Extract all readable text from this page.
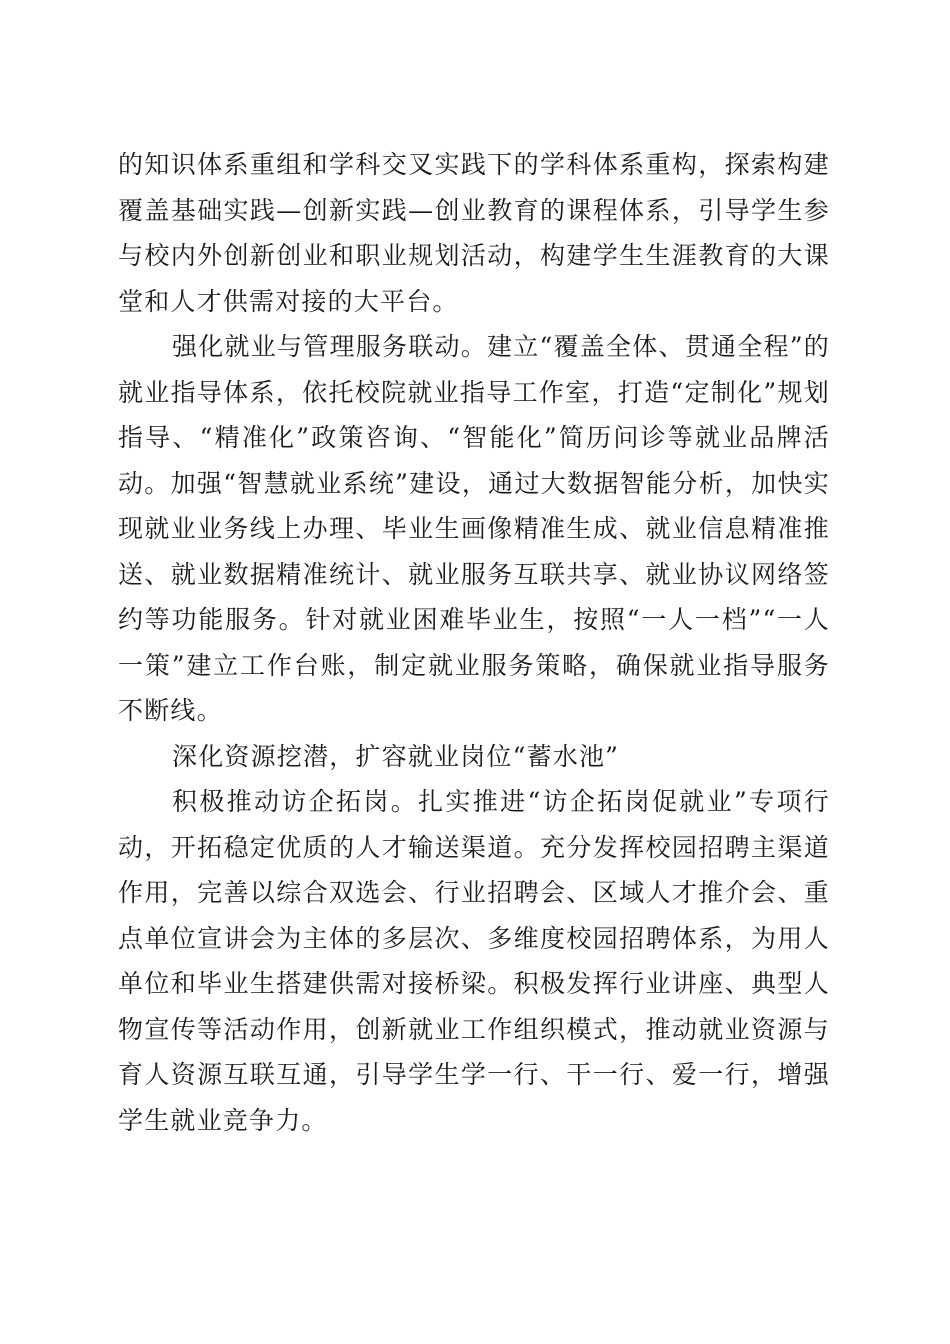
的知识体系重组和学科交叉实践下的学科体系重构，探索构建覆盖基础实践—创新实践—创业教育的课程体系，引导学生参与校内外创新创业和职业规划活动，构建学生生涯教育的大课堂和人才供需对接的大平台。

强化就业与管理服务联动。建立“覆盖全体、贯通全程”的就业指导体系，依托校院就业指导工作室，打造“定制化”规划指导、“精准化”政策咨询、“智能化”简历问诊等就业品牌活动。加强“智慧就业系统”建设，通过大数据智能分析，加快实现就业业务线上办理、毕业生画像精准生成、就业信息精准推送、就业数据精准统计、就业服务互联共享、就业协议网络签约等功能服务。针对就业困难毕业生，按照“一人一档”“一人一策”建立工作台账，制定就业服务策略，确保就业指导服务不断线。

深化资源挖潜，扩容就业岗位“蓄水池”

积极推动访企拓岗。扎实推进“访企拓岗促就业”专项行动，开拓稳定优质的人才输送渠道。充分发挥校园招聘主渠道作用，完善以综合双选会、行业招聘会、区域人才推介会、重点单位宣讲会为主体的多层次、多维度校园招聘体系，为用人单位和毕业生搭建供需对接桥梁。积极发挥行业讲座、典型人物宣传等活动作用，创新就业工作组织模式，推动就业资源与育人资源互联互通，引导学生学一行、干一行、爱一行，增强学生就业竞争力。
